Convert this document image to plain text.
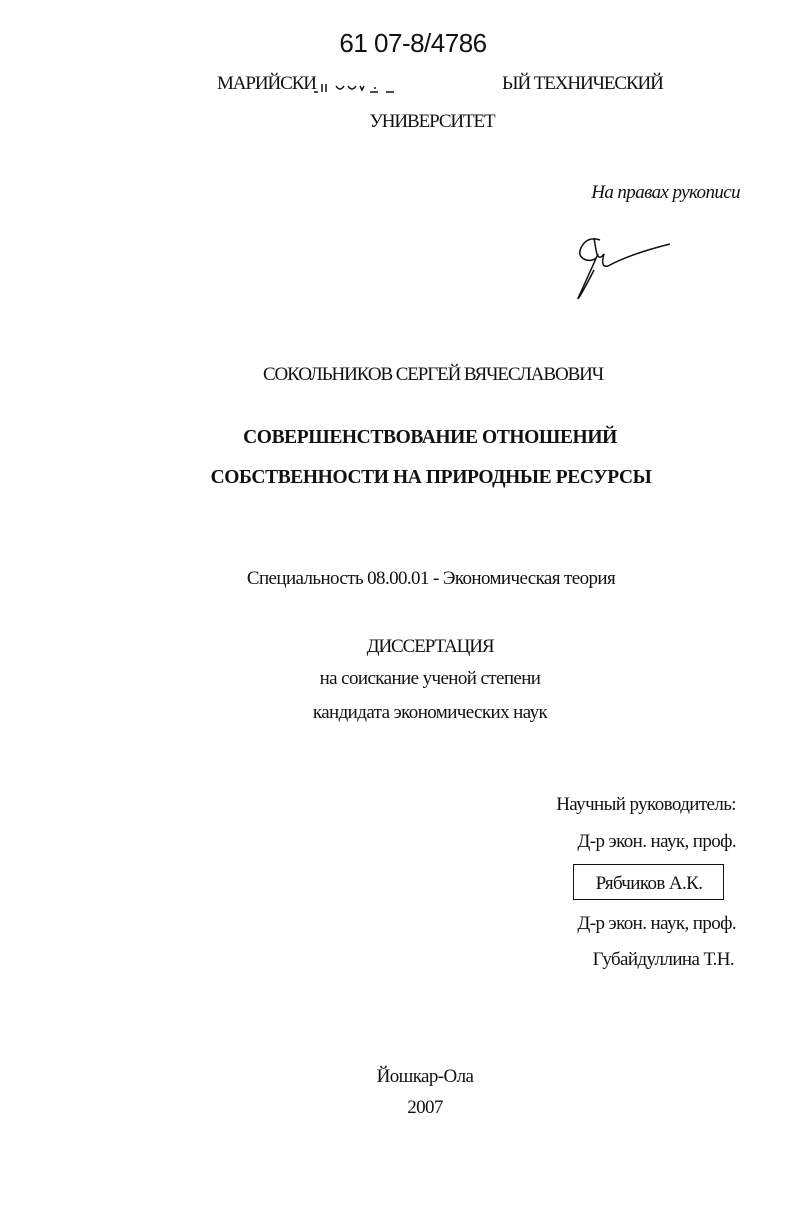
61 07-8/4786
МАРИЙСКИ	ЫЙ ТЕХНИЧЕСКИЙ
УНИВЕРСИТЕТ
На правах рукописи
СОКОЛЬНИКОВ СЕРГЕЙ ВЯЧЕСЛАВОВИЧ
СОВЕРШЕНСТВОВАНИЕ ОТНОШЕНИЙ
СОБСТВЕННОСТИ НА ПРИРОДНЫЕ РЕСУРСЫ
Специальность 08.00.01 - Экономическая теория
ДИССЕРТАЦИЯ
на соискание ученой степени
кандидата экономических наук
Научный руководитель:
Д-р экон. наук, проф.
Рябчиков А.К.
Д-р экон. наук, проф.
Губайдуллина Т.Н.
Йошкар-Ола
2007
